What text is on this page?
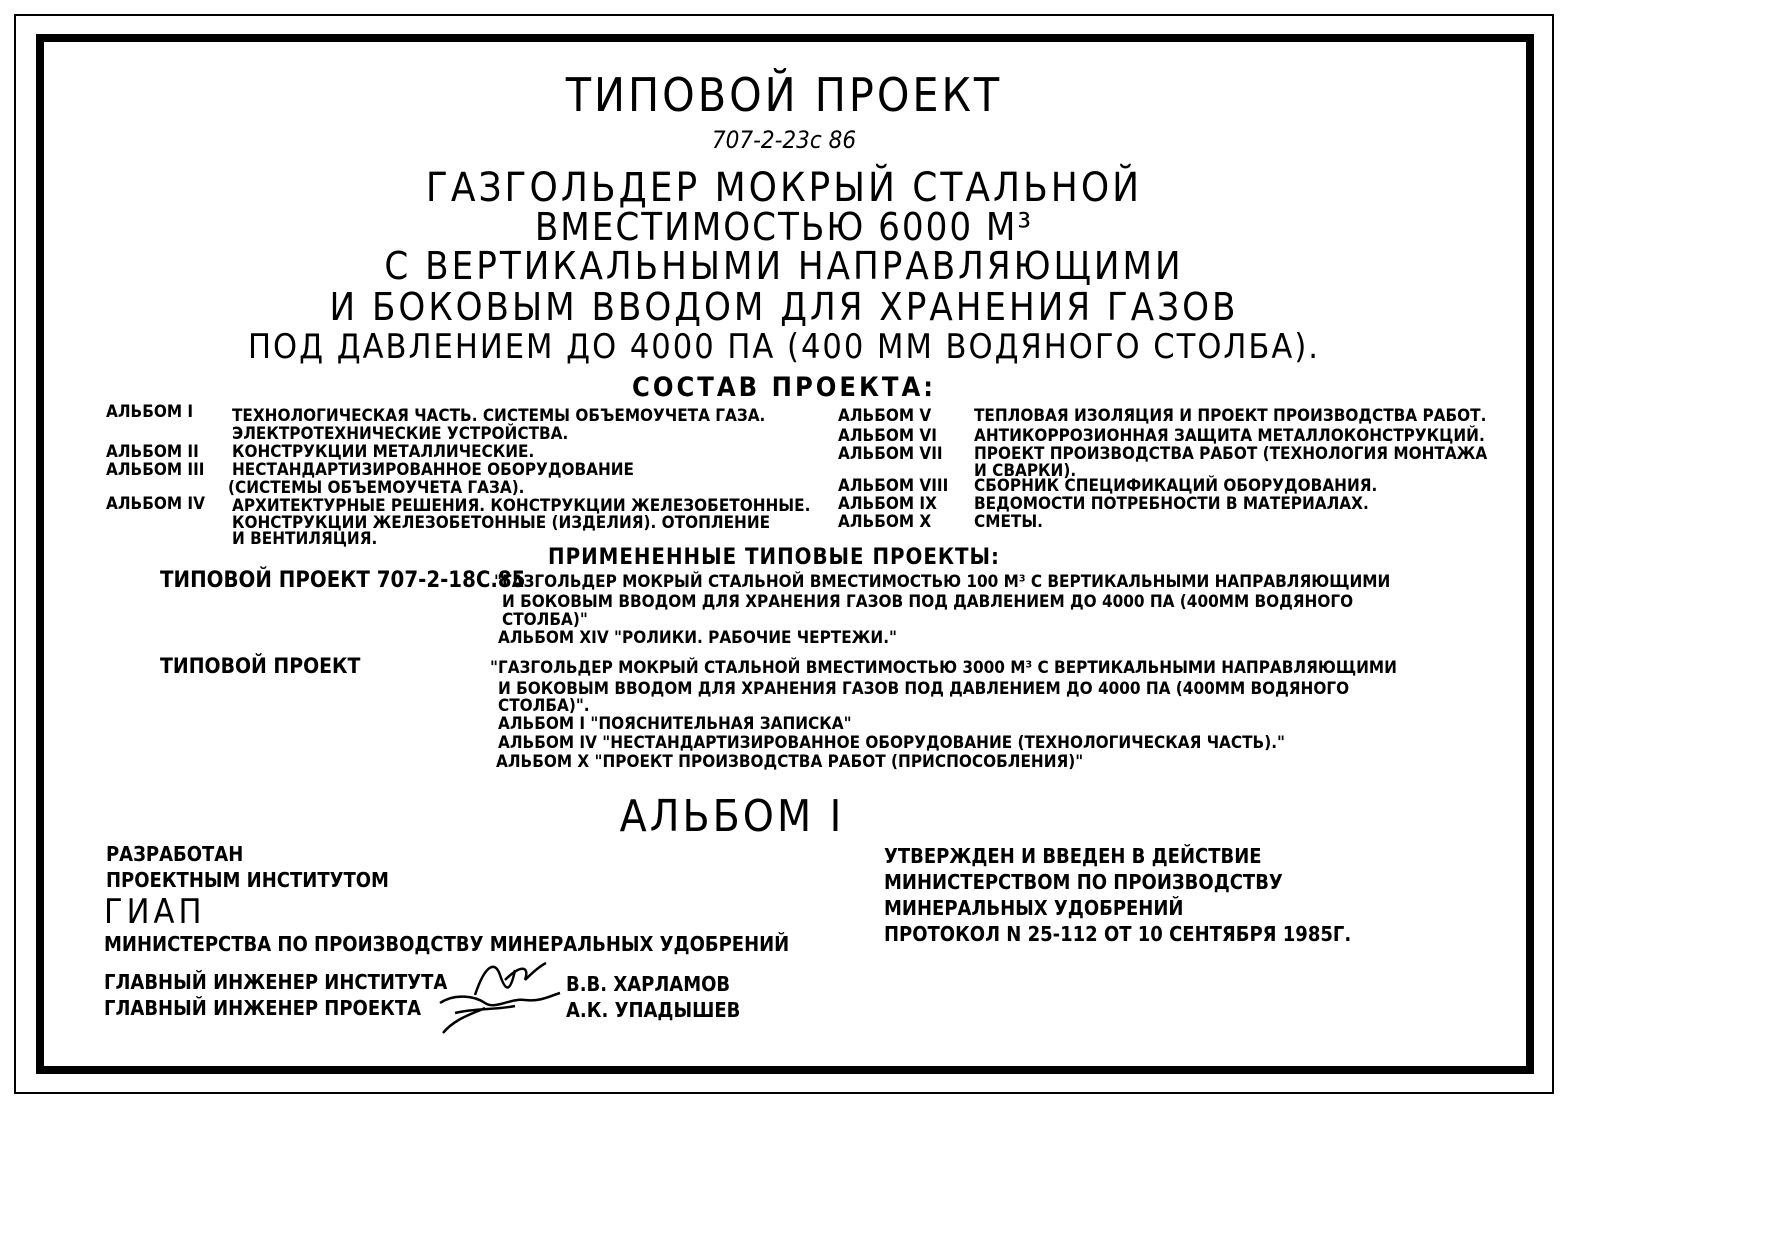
ТИПОВОЙ ПРОЕКТ
707-2-23с 86
ГАЗГОЛЬДЕР МОКРЫЙ СТАЛЬНОЙ
ВМЕСТИМОСТЬЮ 6000 М³
С ВЕРТИКАЛЬНЫМИ НАПРАВЛЯЮЩИМИ
И БОКОВЫМ ВВОДОМ ДЛЯ ХРАНЕНИЯ ГАЗОВ
ПОД ДАВЛЕНИЕМ ДО 4000 ПА (400 ММ ВОДЯНОГО СТОЛБА).
СОСТАВ ПРОЕКТА:
АЛЬБОМ I ТЕХНОЛОГИЧЕСКАЯ ЧАСТЬ. СИСТЕМЫ ОБЪЕМОУЧЕТА ГАЗА.
ЭЛЕКТРОТЕХНИЧЕСКИЕ УСТРОЙСТВА.
АЛЬБОМ II КОНСТРУКЦИИ МЕТАЛЛИЧЕСКИЕ.
АЛЬБОМ III НЕСТАНДАРТИЗИРОВАННОЕ ОБОРУДОВАНИЕ
(СИСТЕМЫ ОБЪЕМОУЧЕТА ГАЗА).
АЛЬБОМ IV АРХИТЕКТУРНЫЕ РЕШЕНИЯ. КОНСТРУКЦИИ ЖЕЛЕЗОБЕТОННЫЕ.
КОНСТРУКЦИИ ЖЕЛЕЗОБЕТОННЫЕ (ИЗДЕЛИЯ). ОТОПЛЕНИЕ
И ВЕНТИЛЯЦИЯ.
АЛЬБОМ V	ТЕПЛОВАЯ ИЗОЛЯЦИЯ И ПРОЕКТ ПРОИЗВОДСТВА РАБОТ.
АЛЬБОМ VI АНТИКОРРОЗИОННАЯ ЗАЩИТА МЕТАЛЛОКОНСТРУКЦИЙ.
АЛЬБОМ VII ПРОЕКТ ПРОИЗВОДСТВА РАБОТ (ТЕХНОЛОГИЯ МОНТАЖА
И СВАРКИ).
АЛЬБОМ VIII СБОРНИК СПЕЦИФИКАЦИЙ ОБОРУДОВАНИЯ.
АЛЬБОМ IX ВЕДОМОСТИ ПОТРЕБНОСТИ В МАТЕРИАЛАХ.
АЛЬБОМ X	СМЕТЫ.
ПРИМЕНЕННЫЕ ТИПОВЫЕ ПРОЕКТЫ:
ТИПОВОЙ ПРОЕКТ 707-2-18С.85
"ГАЗГОЛЬДЕР МОКРЫЙ СТАЛЬНОЙ ВМЕСТИМОСТЬЮ 100 М³ С ВЕРТИКАЛЬНЫМИ НАПРАВЛЯЮЩИМИ
И БОКОВЫМ ВВОДОМ ДЛЯ ХРАНЕНИЯ ГАЗОВ ПОД ДАВЛЕНИЕМ ДО 4000 ПА (400ММ ВОДЯНОГО
СТОЛБА)"
АЛЬБОМ XIV "РОЛИКИ. РАБОЧИЕ ЧЕРТЕЖИ."
ТИПОВОЙ ПРОЕКТ	"ГАЗГОЛЬДЕР МОКРЫЙ СТАЛЬНОЙ ВМЕСТИМОСТЬЮ 3000 М³ С ВЕРТИКАЛЬНЫМИ НАПРАВЛЯЮЩИМИ
И БОКОВЫМ ВВОДОМ ДЛЯ ХРАНЕНИЯ ГАЗОВ ПОД ДАВЛЕНИЕМ ДО 4000 ПА (400ММ ВОДЯНОГО
СТОЛБА)".
АЛЬБОМ I "ПОЯСНИТЕЛЬНАЯ ЗАПИСКА"
АЛЬБОМ IV "НЕСТАНДАРТИЗИРОВАННОЕ ОБОРУДОВАНИЕ (ТЕХНОЛОГИЧЕСКАЯ ЧАСТЬ)."
АЛЬБОМ X "ПРОЕКТ ПРОИЗВОДСТВА РАБОТ (ПРИСПОСОБЛЕНИЯ)"
АЛЬБОМ I
РАЗРАБОТАН
ПРОЕКТНЫМ ИНСТИТУТОМ
ГИАП
МИНИСТЕРСТВА ПО ПРОИЗВОДСТВУ МИНЕРАЛЬНЫХ УДОБРЕНИЙ
ГЛАВНЫЙ ИНЖЕНЕР ИНСТИТУТА	В.В. ХАРЛАМОВ
ГЛАВНЫЙ ИНЖЕНЕР ПРОЕКТА	А.К. УПАДЫШЕВ
УТВЕРЖДЕН И ВВЕДЕН В ДЕЙСТВИЕ
МИНИСТЕРСТВОМ ПО ПРОИЗВОДСТВУ
МИНЕРАЛЬНЫХ УДОБРЕНИЙ
ПРОТОКОЛ N 25-112 ОТ 10 СЕНТЯБРЯ 1985Г.
